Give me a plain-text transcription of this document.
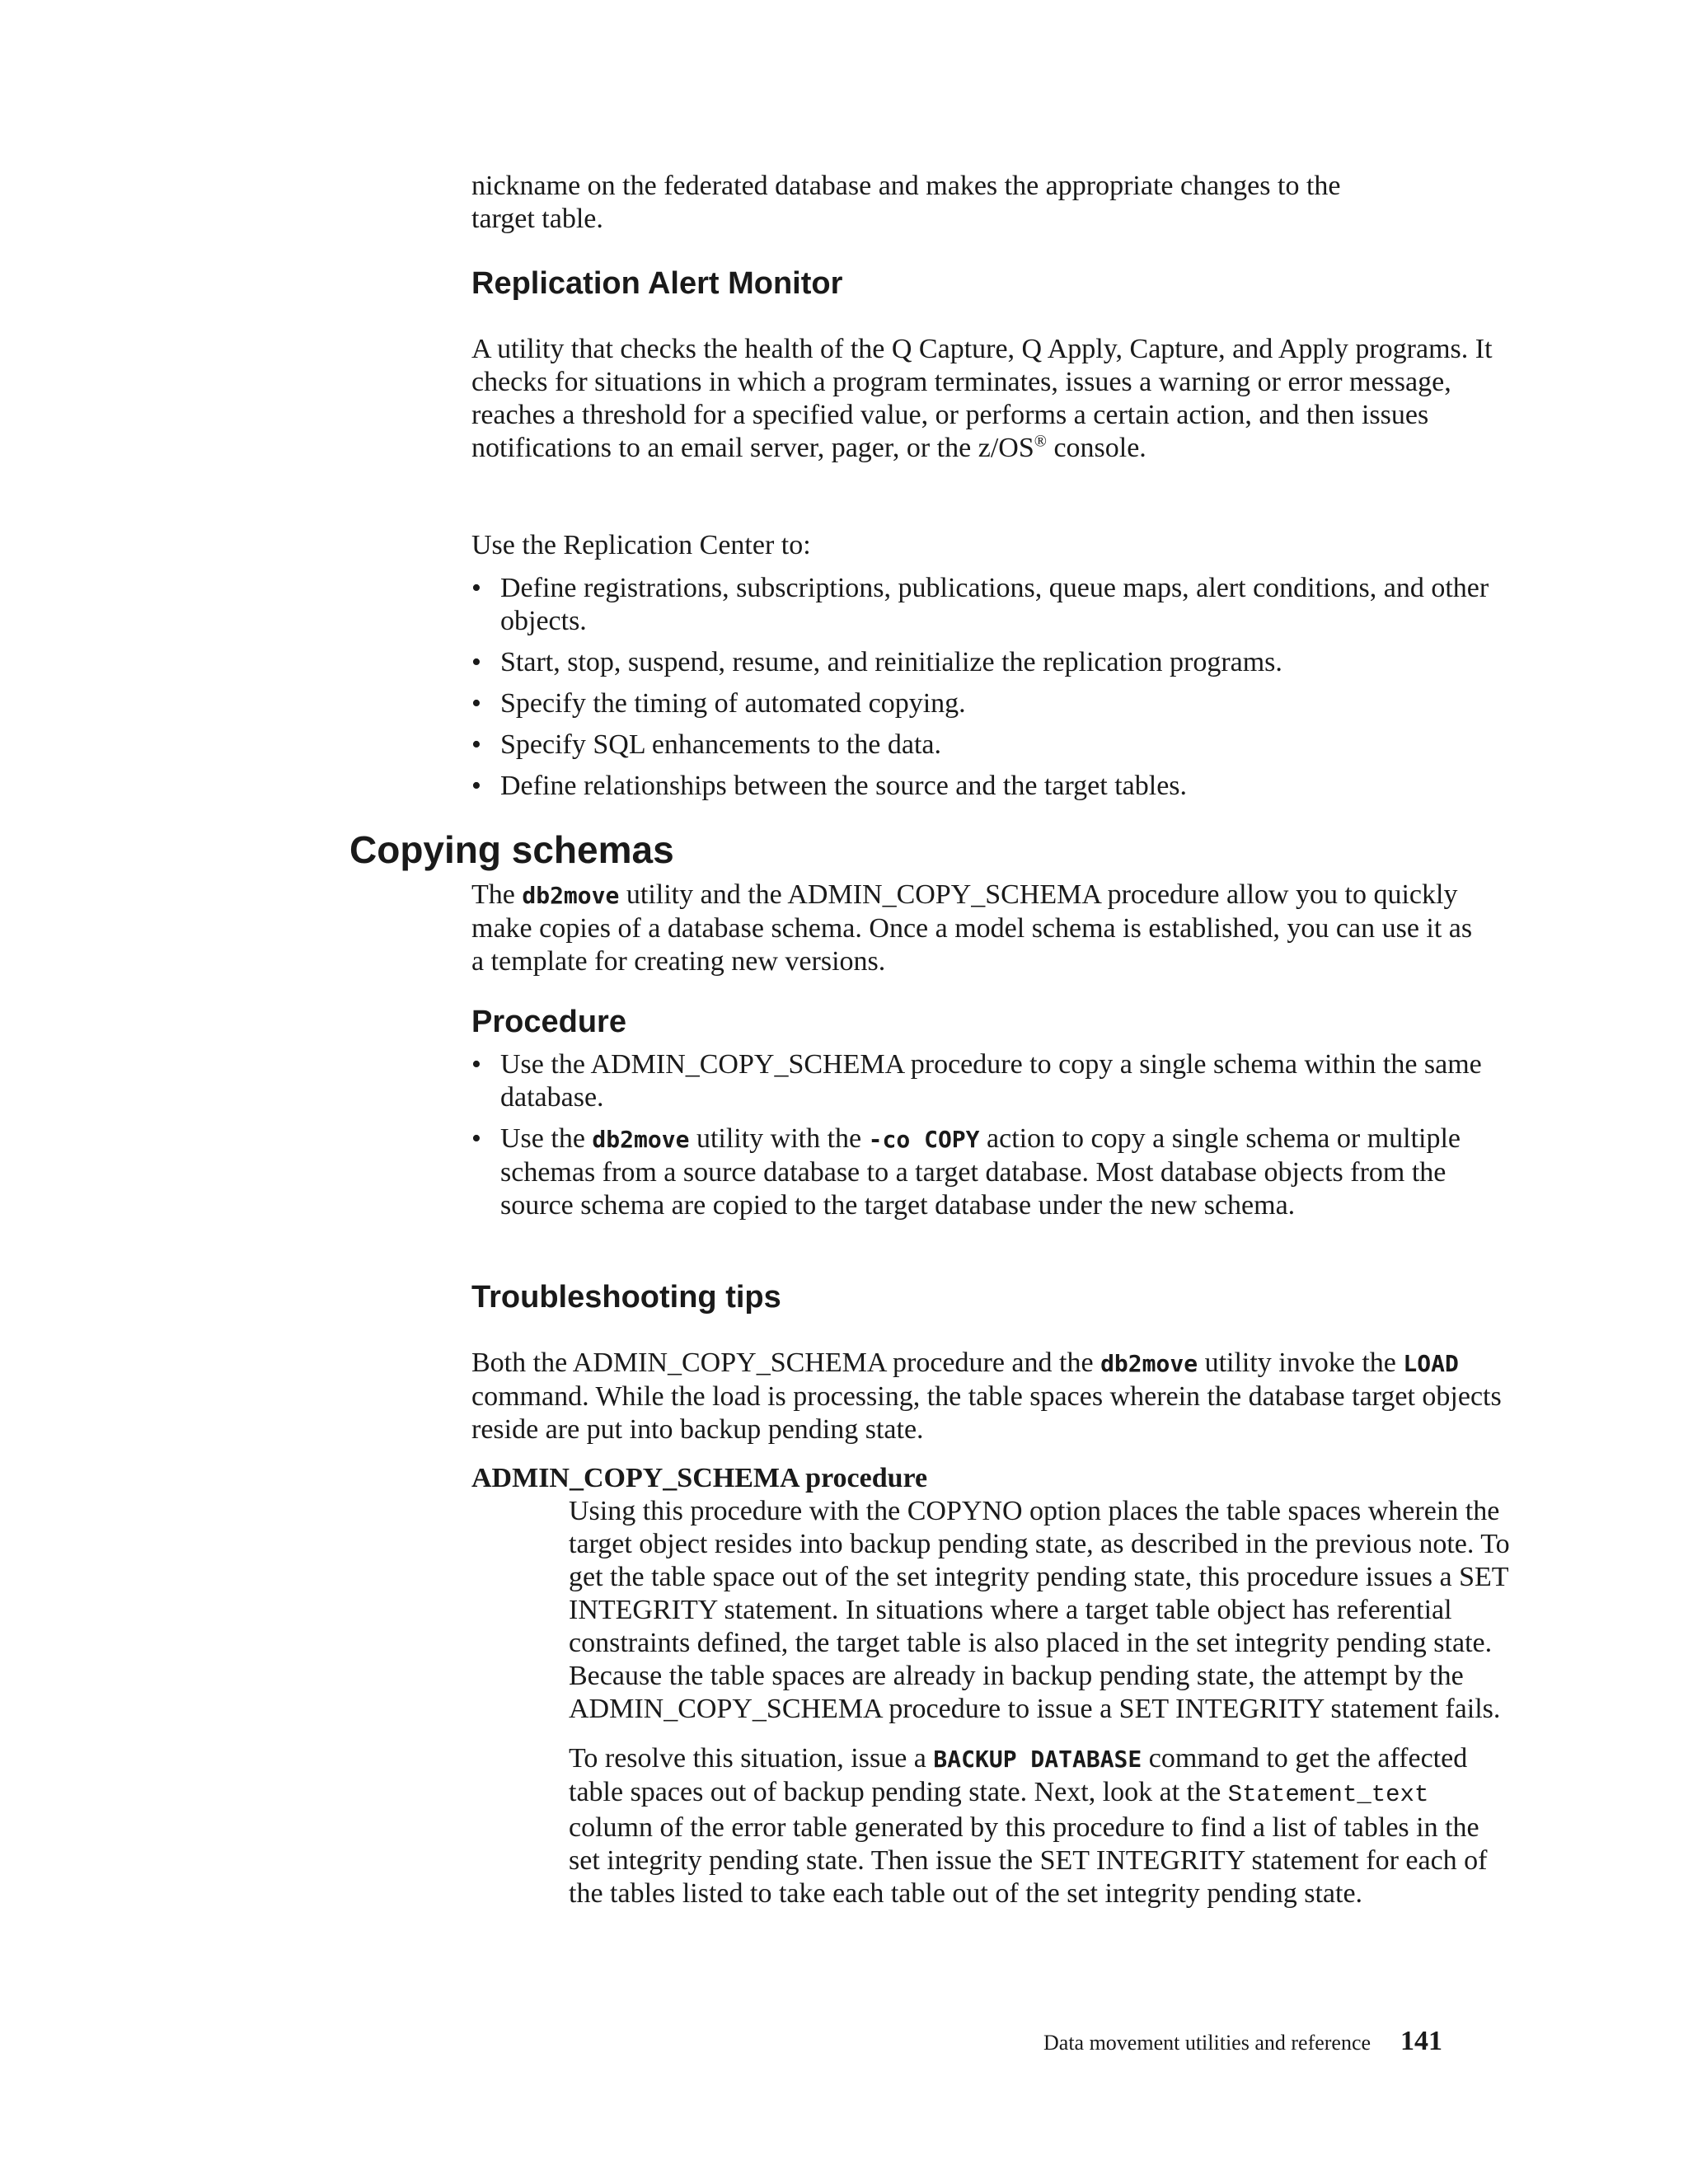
nickname on the federated database and makes the appropriate changes to the
target table.

Replication Alert Monitor

A utility that checks the health of the Q Capture, Q Apply, Capture, and Apply programs. It checks for situations in which a program terminates, issues a warning or error message, reaches a threshold for a specified value, or performs a certain action, and then issues notifications to an email server, pager, or the z/OS® console.

Use the Replication Center to:

• Define registrations, subscriptions, publications, queue maps, alert conditions, and other objects.
• Start, stop, suspend, resume, and reinitialize the replication programs.
• Specify the timing of automated copying.
• Specify SQL enhancements to the data.
• Define relationships between the source and the target tables.
Copying schemas

The db2move utility and the ADMIN_COPY_SCHEMA procedure allow you to quickly make copies of a database schema. Once a model schema is established, you can use it as a template for creating new versions.

Procedure
• Use the ADMIN_COPY_SCHEMA procedure to copy a single schema within the same database.
• Use the db2move utility with the -co COPY action to copy a single schema or multiple schemas from a source database to a target database. Most database objects from the source schema are copied to the target database under the new schema.
Troubleshooting tips

Both the ADMIN_COPY_SCHEMA procedure and the db2move utility invoke the LOAD command. While the load is processing, the table spaces wherein the database target objects reside are put into backup pending state.

ADMIN_COPY_SCHEMA procedure

Using this procedure with the COPYNO option places the table spaces wherein the target object resides into backup pending state, as described in the previous note. To get the table space out of the set integrity pending state, this procedure issues a SET INTEGRITY statement. In situations where a target table object has referential constraints defined, the target table is also placed in the set integrity pending state. Because the table spaces are already in backup pending state, the attempt by the ADMIN_COPY_SCHEMA procedure to issue a SET INTEGRITY statement fails.

To resolve this situation, issue a BACKUP DATABASE command to get the affected table spaces out of backup pending state. Next, look at the Statement_text column of the error table generated by this procedure to find a list of tables in the set integrity pending state. Then issue the SET INTEGRITY statement for each of the tables listed to take each table out of the set integrity pending state.

Data movement utilities and reference 141
